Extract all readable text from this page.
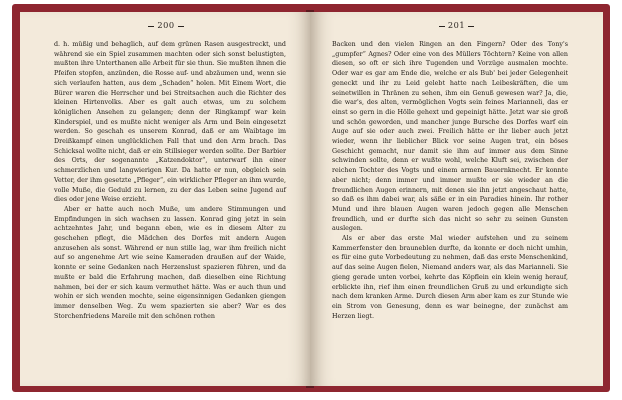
200

d. h. müßig und behaglich, auf dem grünen Rasen ausgestreckt, und während sie ein Spiel zusammen machten oder sich sonst belustigten, mußten ihre Unterthanen alle Arbeit für sie thun. Sie mußten ihnen die Pfeifen stopfen, anzünden, die Rosse auf- und abzäumen und, wenn sie sich verlaufen hatten, aus dem „Schaden“ holen. Mit Einem Wort, die Bürer waren die Herrscher und bei Streitsachen auch die Richter des kleinen Hirtenvolks. Aber es galt auch etwas, um zu solchem königlichen Ansehen zu gelangen; denn der Ringkampf war kein Kinderspiel, und es mußte nicht weniger als Arm und Bein eingesetzt werden. So geschah es unserem Konrad, daß er am Waibtage im Dreißkampf einen unglücklichen Fall that und den Arm brach. Das Schicksal wollte nicht, daß er ein Stillsieger werden sollte. Der Barbier des Orts, der sogenannte „Katzendoktor“, unterwarf ihn einer schmerzlichen und langwierigen Kur. Da hatte er nun, obgleich sein Vetter, der ihm gesetzte „Pfleger“, ein wirklicher Pfleger an ihm wurde, volle Muße, die Geduld zu lernen, zu der das Leben seine Jugend auf dies oder jene Weise erzieht.

Aber er hatte auch noch Muße, um andere Stimmungen und Empfindungen in sich wachsen zu lassen. Konrad ging jetzt in sein achtzehntes Jahr, und begann eben, wie es in diesem Alter zu geschehen pflegt, die Mädchen des Dorfes mit andern Augen anzusehen als sonst. Während er nun stille lag, war ihm freilich nicht auf so angenehme Art wie seine Kameraden draußen auf der Waide, konnte er seine Gedanken nach Herzenslust spazieren führen, und da mußte er bald die Erfahrung machen, daß dieselben eine Richtung nahmen, bei der er sich kaum vermuthet hätte. Was er auch thun und wohin er sich wenden mochte, seine eigensinnigen Gedanken giengen immer denselben Weg. Zu wem spazierten sie aber? War es des Storchenfriedens Mareile mit den schönen rothen

201

Backen und den vielen Ringen an den Fingern? Oder des Tony's „gumpfer“ Agnes? Oder eine von des Müllers Töchtern? Keine von allen diesen, so oft er sich ihre Tugenden und Vorzüge ausmalen mochte. Oder war es gar am Ende die, welche er als Bub' bei jeder Gelegenheit geneckt und ihr zu Leid gelebt hatte nach Leibeskräften, die um seinetwillen in Thränen zu sehen, ihm ein Genuß gewesen war? Ja, die, die war's, des alten, vermöglichen Vogts sein feines Marianneli, das er einst so gern in die Hölle gehext und gepeinigt hätte. Jetzt war sie groß und schön geworden, und mancher junge Bursche des Dorfes warf ein Auge auf sie oder auch zwei. Freilich hätte er ihr lieber auch jetzt wieder, wenn ihr lieblicher Blick vor seine Augen trat, ein böses Geschicht gemacht, nur damit sie ihm auf immer aus dem Sinne schwinden sollte, denn er wußte wohl, welche Kluft sei, zwischen der reichen Tochter des Vogts und einem armen Bauernknecht. Er konnte aber nicht; denn immer und immer mußte er sie wieder an die freundlichen Augen erinnern, mit denen sie ihn jetzt angeschaut hatte, so daß es ihm dabei war, als säße er in ein Paradies hinein. Ihr rother Mund und ihre blauen Augen waren jedoch gegen alle Menschen freundlich, und er durfte sich das nicht so sehr zu seinen Gunsten auslegen.

Als er aber das erste Mal wieder aufstehen und zu seinem Kammerfenster den brauneblen durfte, da konnte er doch nicht umhin, es für eine gute Vorbedeutung zu nehmen, daß das erste Menschenkind, auf das seine Augen fielen, Niemand anders war, als das Marianneli. Sie gieng gerade unten vorbei, kehrte das Köpflein ein klein wenig herauf, erblickte ihn, rief ihm einen freundlichen Gruß zu und erkundigte sich nach dem kranken Arme. Durch diesen Arm aber kam es zur Stunde wie ein Strom von Genesung, denn es war beinegne, der zunächst am Herzen liegt.
